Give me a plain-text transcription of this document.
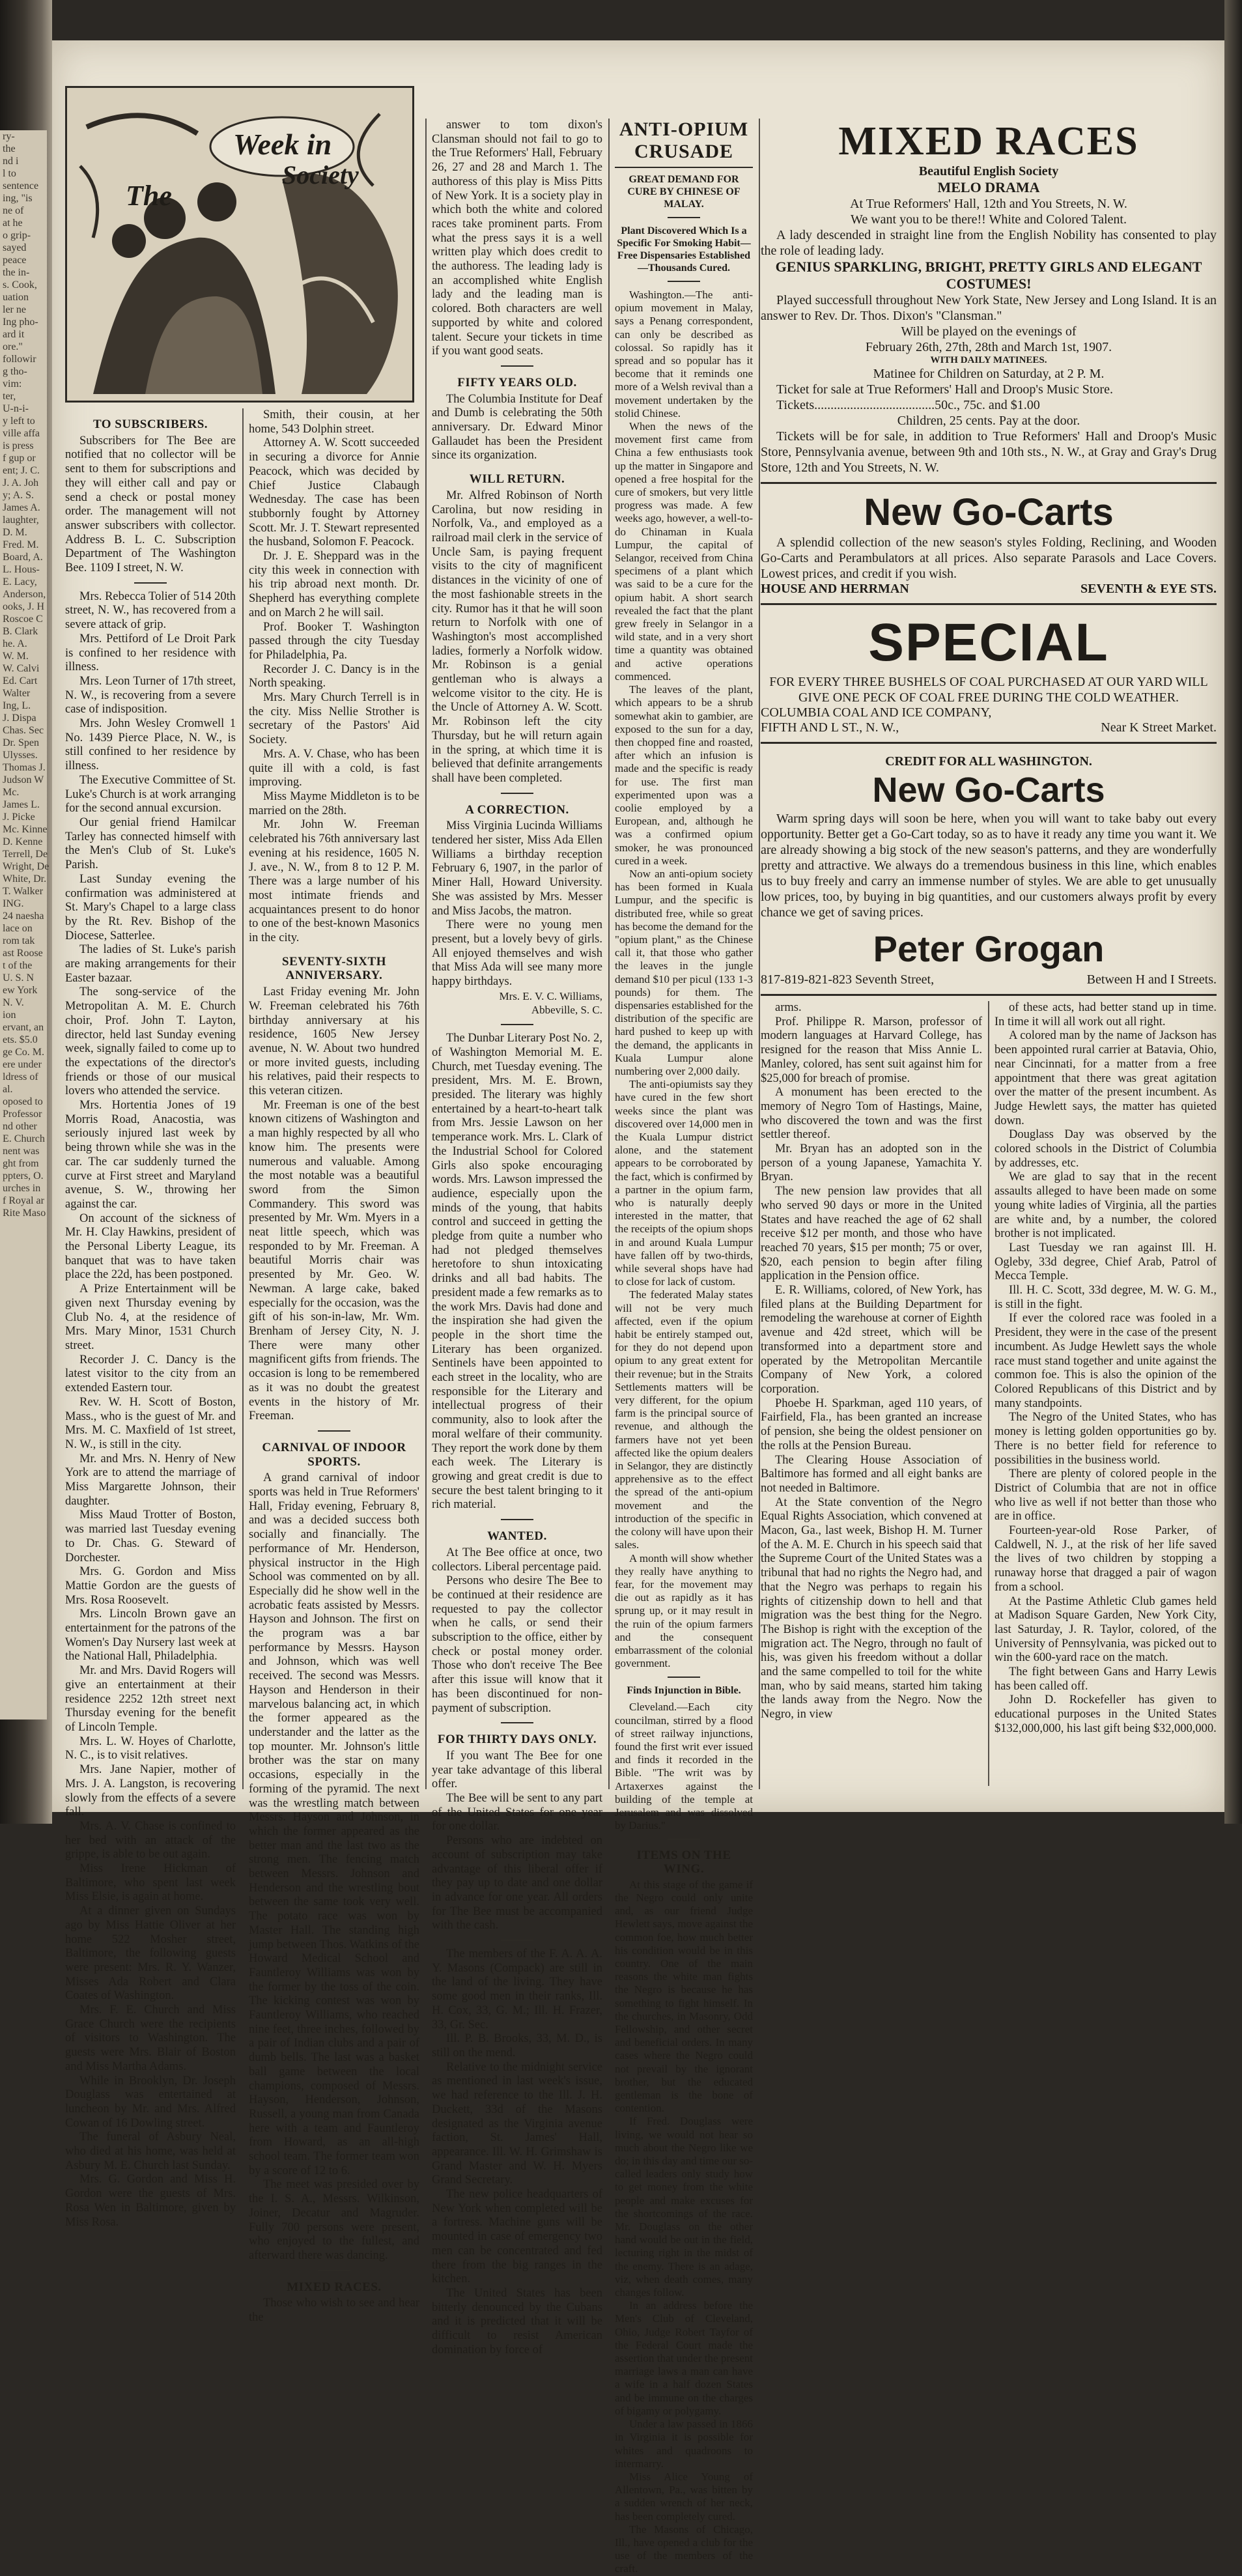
ry-
the
nd i
l to
sentence
ing, "is
ne of
at he
o grip-
sayed
peace
the in-
s. Cook,
uation
ler ne
Ing pho-
ard it
ore."
followir
g tho-
vim:
ter,
U-n-i-
y left to
ville affa
is press
f gup or
ent; J. C.
J. A. Joh
y; A. S.
James A.
laughter,
D. M.
Fred. M.
Board, A.
L. Hous-
E. Lacy,
Anderson,
ooks, J. H
Roscoe C
B. Clark
he. A.
W. M.
W. Calvi
Ed. Cart
Walter
Ing, L.
J. Dispa
Chas. Sec
Dr. Spen
Ulysses.
Thomas J.
Judson W
Mc.
James L.
J. Picke
Mc. Kinne
D. Kenne
Terrell, De
Wright, De
White, Dr.
T. Walker
ING.
24 naesha
lace on
rom tak
ast Roose
t of the
U. S. N
ew York
N. V.
ion
ervant, an
ets. $5.0
ge Co. M.
ere under
ldress of
al.
oposed to
Professor
nd other
E. Church
nent was
ght from
ppters, O.
urches in
f Royal ar
Rite Maso
The
Week in
Society
TO SUBSCRIBERS.

Subscribers for The Bee are notified that no collector will be sent to them for subscriptions and they will either call and pay or send a check or postal money order. The management will not answer subscribers with collector. Address B. L. C. Subscription Department of The Washington Bee. 1109 I street, N. W.

Mrs. Rebecca Tolier of 514 20th street, N. W., has recovered from a severe attack of grip.

Mrs. Pettiford of Le Droit Park is confined to her residence with illness.

Mrs. Leon Turner of 17th street, N. W., is recovering from a severe case of indisposition.

Mrs. John Wesley Cromwell 1 No. 1439 Pierce Place, N. W., is still confined to her residence by illness.

The Executive Committee of St. Luke's Church is at work arranging for the second annual excursion.

Our genial friend Hamilcar Tarley has connected himself with the Men's Club of St. Luke's Parish.

Last Sunday evening the confirmation was administered at St. Mary's Chapel to a large class by the Rt. Rev. Bishop of the Diocese, Satterlee.

The ladies of St. Luke's parish are making arrangements for their Easter bazaar.

The song-service of the Metropolitan A. M. E. Church choir, Prof. John T. Layton, director, held last Sunday evening week, signally failed to come up to the expectations of the director's friends or those of our musical lovers who attended the service.

Mrs. Hortentia Jones of 19 Morris Road, Anacostia, was seriously injured last week by being thrown while she was in the car. The car suddenly turned the curve at First street and Maryland avenue, S. W., throwing her against the car.

On account of the sickness of Mr. H. Clay Hawkins, president of the Personal Liberty League, its banquet that was to have taken place the 22d, has been postponed.

A Prize Entertainment will be given next Thursday evening by Club No. 4, at the residence of Mrs. Mary Minor, 1531 Church street.

Recorder J. C. Dancy is the latest visitor to the city from an extended Eastern tour.

Rev. W. H. Scott of Boston, Mass., who is the guest of Mr. and Mrs. M. C. Maxfield of 1st street, N. W., is still in the city.

Mr. and Mrs. N. Henry of New York are to attend the marriage of Miss Margarette Johnson, their daughter.

Miss Maud Trotter of Boston, was married last Tuesday evening to Dr. Chas. G. Steward of Dorchester.

Mrs. G. Gordon and Miss Mattie Gordon are the guests of Mrs. Rosa Roosevelt.

Mrs. Lincoln Brown gave an entertainment for the patrons of the Women's Day Nursery last week at the National Hall, Philadelphia.

Mr. and Mrs. David Rogers will give an entertainment at their residence 2252 12th street next Thursday evening for the benefit of Lincoln Temple.

Mrs. L. W. Hoyes of Charlotte, N. C., is to visit relatives.

Mrs. Jane Napier, mother of Mrs. J. A. Langston, is recovering slowly from the effects of a severe fall.

Mrs. A. V. Chase is confined to her bed with an attack of the grippe, is able to be out again.

Miss Irene Hickman of Baltimore, who spent last week Miss Elsie, is again at home.

At a dinner given on Sundays ago by Miss Hattie Oliver at her home 522 Mosher street, Baltimore, the following guests were present: Mrs. R. Y. Wanzer, Misses Ada Robert and Clara Coates of Washington.

Mrs. F. E. Church and Miss Grace Church were the recipients of visitors to Washington. The guests were Mrs. Blair of Boston and Miss Martha Adams.

While in Brooklyn, Dr. Joseph Douglass was entertained at luncheon by Mr. and Mrs. Alfred Cowan of 16 Dowling street.

The funeral of Asbury Neal, who died at his home, was held at Asbury M. E. Church last Sunday.

Mrs. G. Gordon and Miss H. Gordon were the guests of Mrs. Rosa Wen in Baltimore, given by Miss Rosa.

Smith, their cousin, at her home, 543 Dolphin street.

Attorney A. W. Scott succeeded in securing a divorce for Annie Peacock, which was decided by Chief Justice Clabaugh Wednesday. The case has been stubbornly fought by Attorney Scott. Mr. J. T. Stewart represented the husband, Solomon F. Peacock.

Dr. J. E. Sheppard was in the city this week in connection with his trip abroad next month. Dr. Shepherd has everything complete and on March 2 he will sail.

Prof. Booker T. Washington passed through the city Tuesday for Philadelphia, Pa.

Recorder J. C. Dancy is in the North speaking.

Mrs. Mary Church Terrell is in the city. Miss Nellie Strother is secretary of the Pastors' Aid Society.

Mrs. A. V. Chase, who has been quite ill with a cold, is fast improving.

Miss Mayme Middleton is to be married on the 28th.

Mr. John W. Freeman celebrated his 76th anniversary last evening at his residence, 1605 N. J. ave., N. W., from 8 to 12 P. M. There was a large number of his most intimate friends and acquaintances present to do honor to one of the best-known Masonics in the city.

SEVENTY-SIXTH ANNIVERSARY.

Last Friday evening Mr. John W. Freeman celebrated his 76th birthday anniversary at his residence, 1605 New Jersey avenue, N. W. About two hundred or more invited guests, including his relatives, paid their respects to this veteran citizen.

Mr. Freeman is one of the best known citizens of Washington and a man highly respected by all who know him. The presents were numerous and valuable. Among the most notable was a beautiful sword from the Simon Commandery. This sword was presented by Mr. Wm. Myers in a neat little speech, which was responded to by Mr. Freeman. A beautiful Morris chair was presented by Mr. Geo. W. Newman. A large cake, baked especially for the occasion, was the gift of his son-in-law, Mr. Wm. Brenham of Jersey City, N. J. There were many other magnificent gifts from friends. The occasion is long to be remembered as it was no doubt the greatest events in the history of Mr. Freeman.

CARNIVAL OF INDOOR SPORTS.

A grand carnival of indoor sports was held in True Reformers' Hall, Friday evening, February 8, and was a decided success both socially and financially. The performance of Mr. Henderson, physical instructor in the High School was commented on by all. Especially did he show well in the acrobatic feats assisted by Messrs. Hayson and Johnson. The first on the program was a bar performance by Messrs. Hayson and Johnson, which was well received. The second was Messrs. Hayson and Henderson in their marvelous balancing act, in which the former appeared as the understander and the latter as the top mounter. Mr. Johnson's little brother was the star on many occasions, especially in the forming of the pyramid. The next was the wrestling match between Messrs. Hayson and Johnson, in which the former appeared as the better man and the last two as the strong men. The fencing match between Messrs. Johnson and Henderson and the wrestling bout between the same took very well. The potato race was won by Master Hall. The standing high jump between Thos. Watkins of the Howard Medical School and Fauntleroy Williams was won by the former by the toss of the coin. The kicking contest was won by Fauntleroy Williams, who reached nine feet, three inches, followed by a pair of Indian clubs and a pair of dumb bells. The last was a basket ball game between the local champions, composed of Messrs. Hayson, Henderson, Johnson, Russell, a young man from Canada here with a team and Fauntleroy from Howard, as an all-high school team. The former team won by a score of 12 to 6.

The meet was presided over by the I. S. A., Messrs. Wilkinson, Joiner, Decatur and Magruder. Fully 700 persons were present, who enjoyed to the fullest, and afterward there was dancing.

MIXED RACES.

Those who wish to see and hear the

answer to tom dixon's Clansman should not fail to go to the True Reformers' Hall, February 26, 27 and 28 and March 1. The authoress of this play is Miss Pitts of New York. It is a society play in which both the white and colored races take prominent parts. From what the press says it is a well written play which does credit to the authoress. The leading lady is an accomplished white English lady and the leading man is colored. Both characters are well supported by white and colored talent. Secure your tickets in time if you want good seats.

FIFTY YEARS OLD.

The Columbia Institute for Deaf and Dumb is celebrating the 50th anniversary. Dr. Edward Minor Gallaudet has been the President since its organization.

WILL RETURN.

Mr. Alfred Robinson of North Carolina, but now residing in Norfolk, Va., and employed as a railroad mail clerk in the service of Uncle Sam, is paying frequent visits to the city of magnificent distances in the vicinity of one of the most fashionable streets in the city. Rumor has it that he will soon return to Norfolk with one of Washington's most accomplished ladies, formerly a Norfolk widow. Mr. Robinson is a genial gentleman who is always a welcome visitor to the city. He is the Uncle of Attorney A. W. Scott. Mr. Robinson left the city Thursday, but he will return again in the spring, at which time it is believed that definite arrangements shall have been completed.

A CORRECTION.

Miss Virginia Lucinda Williams tendered her sister, Miss Ada Ellen Williams a birthday reception February 6, 1907, in the parlor of Miner Hall, Howard University. She was assisted by Mrs. Messer and Miss Jacobs, the matron.

There were no young men present, but a lovely bevy of girls. All enjoyed themselves and wish that Miss Ada will see many more happy birthdays.

Mrs. E. V. C. Williams,
Abbeville, S. C.

The Dunbar Literary Post No. 2, of Washington Memorial M. E. Church, met Tuesday evening. The president, Mrs. M. E. Brown, presided. The literary was highly entertained by a heart-to-heart talk from Mrs. Jessie Lawson on her temperance work. Mrs. L. Clark of the Industrial School for Colored Girls also spoke encouraging words. Mrs. Lawson impressed the audience, especially upon the minds of the young, that habits control and succeed in getting the pledge from quite a number who had not pledged themselves heretofore to shun intoxicating drinks and all bad habits. The president made a few remarks as to the work Mrs. Davis had done and the inspiration she had given the people in the short time the Literary has been organized. Sentinels have been appointed to each street in the locality, who are responsible for the Literary and intellectual progress of their community, also to look after the moral welfare of their community. They report the work done by them each week. The Literary is growing and great credit is due to secure the best talent bringing to it rich material.

WANTED.

At The Bee office at once, two collectors. Liberal percentage paid.

Persons who desire The Bee to be continued at their residence are requested to pay the collector when he calls, or send their subscription to the office, either by check or postal money order. Those who don't receive The Bee after this issue will know that it has been discontinued for non-payment of subscription.

FOR THIRTY DAYS ONLY.

If you want The Bee for one year take advantage of this liberal offer.

The Bee will be sent to any part of the United States for one year for one dollar.

Persons who are indebted on account of subscription may take advantage of this liberal offer if they pay up to date and one dollar in advance for one year. All orders for The Bee must be accompanied with the cash.

The members of the F. A. A. A. Y. Masons (Compack) are still in the land of the living. They have some good men in their ranks, Ill. H. Cox, 33, G. M.; Ill. H. Frazer, 33, Gr. Sec.

Ill. P. B. Brooks, 33, M. D., is still on the mend.

Relative to the midnight service as mentioned in last week's issue, we had reference to the Ill. J. H. Duckett, 33d of the Masons designated as the Virginia avenue faction, St. James' Hall, appearance. Ill. W. H. Grimshaw is Grand Master and W. H. Myers Grand Secretary.

The new police headquarters of New York when completed will be a fortress. Machine guns will be mounted in case of emergency two men can be concentrated and fed there from the big ranges in the kitchen.

The United States has been bitterly denounced by the Cubans and it is predicted that it will be difficult to resist American domination by force of

ANTI-OPIUM CRUSADE
GREAT DEMAND FOR CURE BY CHINESE OF MALAY.
Plant Discovered Which Is a Specific For Smoking Habit—Free Dispensaries Established—Thousands Cured.

Washington.—The anti-opium movement in Malay, says a Penang correspondent, can only be described as colossal. So rapidly has it spread and so popular has it become that it reminds one more of a Welsh revival than a movement undertaken by the stolid Chinese.

When the news of the movement first came from China a few enthusiasts took up the matter in Singapore and opened a free hospital for the cure of smokers, but very little progress was made. A few weeks ago, however, a well-to-do Chinaman in Kuala Lumpur, the capital of Selangor, received from China specimens of a plant which was said to be a cure for the opium habit. A short search revealed the fact that the plant grew freely in Selangor in a wild state, and in a very short time a quantity was obtained and active operations commenced.

The leaves of the plant, which appears to be a shrub somewhat akin to gambier, are exposed to the sun for a day, then chopped fine and roasted, after which an infusion is made and the specific is ready for use. The first man experimented upon was a coolie employed by a European, and, although he was a confirmed opium smoker, he was pronounced cured in a week.

Now an anti-opium society has been formed in Kuala Lumpur, and the specific is distributed free, while so great has become the demand for the "opium plant," as the Chinese call it, that those who gather the leaves in the jungle demand $10 per picul (133 1-3 pounds) for them. The dispensaries established for the distribution of the specific are hard pushed to keep up with the demand, the applicants in Kuala Lumpur alone numbering over 2,000 daily.

The anti-opiumists say they have cured in the few short weeks since the plant was discovered over 14,000 men in the Kuala Lumpur district alone, and the statement appears to be corroborated by the fact, which is confirmed by a partner in the opium farm, who is naturally deeply interested in the matter, that the receipts of the opium shops in and around Kuala Lumpur have fallen off by two-thirds, while several shops have had to close for lack of custom.

The federated Malay states will not be very much affected, even if the opium habit be entirely stamped out, for they do not depend upon opium to any great extent for their revenue; but in the Straits Settlements matters will be very different, for the opium farm is the principal source of revenue, and although the farmers have not yet been affected like the opium dealers in Selangor, they are distinctly apprehensive as to the effect the spread of the anti-opium movement and the introduction of the specific in the colony will have upon their sales.

A month will show whether they really have anything to fear, for the movement may die out as rapidly as it has sprung up, or it may result in the ruin of the opium farmers and the consequent embarrassment of the colonial government.

Finds Injunction in Bible.

Cleveland.—Each city councilman, stirred by a flood of street railway injunctions, found the first writ ever issued and finds it recorded in the Bible. "The writ was by Artaxerxes against the building of the temple at Jerusalem and was dissolved by Darius."

ITEMS ON THE WING.

At this stage of the game if the Negro could only unite and, as our friend Judge Hewlett says, move against the common foe, how much better his condition would be in this country. One of the main reasons the white man fights the Negro is because he has something to fight himself. In the churches, in Masonry, Odd Fellowship, and other secret and beneficial orders. In many cases where the Negro could not prevail by the ignorant brother, but the educated gentleman is the bone of contention.

If Fred. Douglass were living, we would not hear so much about the Negro like we do; in this day and time our so-called leaders only study how to get money from the white people and make excuses for the shortcomings of the race. Mr. Douglass on the other hand would be out in the field, lecturing right in the midst of the enemy. There is an adage, viz, when death comes, many changes follow.

In an address before the Men's Club of Cleveland, Ohio, Judge Robert Tayfor of the Federal Court made the assertion that under the present marriage laws a man can have a wife in a half dozen States and be immune on the charges of bigamy or polygamy.

Under a law passed in 1866 in Virginia it is possible for whites and quadroons to intermarry.

Miss Alice Young of Allentown, Pa., was bitten by a sudden wrench of her neck, has been completely cured.

The Masons of Chicago, Ill., have opened a club for the use of the members of the craft.

MIXED RACES
Beautiful English Society
MELO DRAMA
At True Reformers' Hall, 12th and You Streets, N. W.
We want you to be there!! White and Colored Talent.
A lady descended in straight line from the English Nobility has consented to play the role of leading lady.
GENIUS SPARKLING, BRIGHT, PRETTY GIRLS AND ELEGANT COSTUMES!
Played successfull throughout New York State, New Jersey and Long Island. It is an answer to Rev. Dr. Thos. Dixon's "Clansman."
Will be played on the evenings of
February 26th, 27th, 28th and March 1st, 1907.
WITH DAILY MATINEES.
Matinee for Children on Saturday, at 2 P. M.
Ticket for sale at True Reformers' Hall and Droop's Music Store.
Tickets.....................................50c., 75c. and $1.00
Children, 25 cents. Pay at the door.
Tickets will be for sale, in addition to True Reformers' Hall and Droop's Music Store, Pennsylvania avenue, between 9th and 10th sts., N. W., at Gray and Gray's Drug Store, 12th and You Streets, N. W.
New Go-Carts
A splendid collection of the new season's styles Folding, Reclining, and Wooden Go-Carts and Perambulators at all prices. Also separate Parasols and Lace Covers. Lowest prices, and credit if you wish.
HOUSE AND HERRMAN	SEVENTH & EYE STS.
SPECIAL
FOR EVERY THREE BUSHELS OF COAL PURCHASED AT OUR YARD WILL GIVE ONE PECK OF COAL FREE DURING THE COLD WEATHER.
COLUMBIA COAL AND ICE COMPANY,
FIFTH AND L ST., N. W.,	Near K Street Market.
CREDIT FOR ALL WASHINGTON.
New Go-Carts
Warm spring days will soon be here, when you will want to take baby out every opportunity. Better get a Go-Cart today, so as to have it ready any time you want it. We are already showing a big stock of the new season's patterns, and they are wonderfully pretty and attractive. We always do a tremendous business in this line, which enables us to buy freely and carry an immense number of styles. We are able to get unusually low prices, too, by buying in big quantities, and our customers always profit by every chance we get of saving prices.
Peter Grogan
817-819-821-823 Seventh Street,	Between H and I Streets.

arms.

Prof. Philippe R. Marson, professor of modern languages at Harvard College, has resigned for the reason that Miss Annie L. Manley, colored, has sent suit against him for $25,000 for breach of promise.

A monument has been erected to the memory of Negro Tom of Hastings, Maine, who discovered the town and was the first settler thereof.

Mr. Bryan has an adopted son in the person of a young Japanese, Yamachita Y. Bryan.

The new pension law provides that all who served 90 days or more in the United States and have reached the age of 62 shall receive $12 per month, and those who have reached 70 years, $15 per month; 75 or over, $20, each pension to begin after filing application in the Pension office.

E. R. Williams, colored, of New York, has filed plans at the Building Department for remodeling the warehouse at corner of Eighth avenue and 42d street, which will be transformed into a department store and operated by the Metropolitan Mercantile Company of New York, a colored corporation.

Phoebe H. Sparkman, aged 110 years, of Fairfield, Fla., has been granted an increase of pension, she being the oldest pensioner on the rolls at the Pension Bureau.

The Clearing House Association of Baltimore has formed and all eight banks are not needed in Baltimore.

At the State convention of the Negro Equal Rights Association, which convened at Macon, Ga., last week, Bishop H. M. Turner of the A. M. E. Church in his speech said that the Supreme Court of the United States was a tribunal that had no rights the Negro had, and that the Negro was perhaps to regain his rights of citizenship down to hell and that migration was the best thing for the Negro. The Bishop is right with the exception of the migration act. The Negro, through no fault of his, was given his freedom without a dollar and the same compelled to toil for the white man, who by said means, started him taking the lands away from the Negro. Now the Negro, in view

of these acts, had better stand up in time. In time it will all work out all right.

A colored man by the name of Jackson has been appointed rural carrier at Batavia, Ohio, near Cincinnati, for a matter from a free appointment that there was great agitation over the matter of the present incumbent. As Judge Hewlett says, the matter has quieted down.

Douglass Day was observed by the colored schools in the District of Columbia by addresses, etc.

We are glad to say that in the recent assaults alleged to have been made on some young white ladies of Virginia, all the parties are white and, by a number, the colored brother is not implicated.

Last Tuesday we ran against Ill. H. Ogleby, 33d degree, Chief Arab, Patrol of Mecca Temple.

Ill. H. C. Scott, 33d degree, M. W. G. M., is still in the fight.

If ever the colored race was fooled in a President, they were in the case of the present incumbent. As Judge Hewlett says the whole race must stand together and unite against the common foe. This is also the opinion of the Colored Republicans of this District and by many standpoints.

The Negro of the United States, who has money is letting golden opportunities go by. There is no better field for reference to possibilities in the business world.

There are plenty of colored people in the District of Columbia that are not in office who live as well if not better than those who are in office.

Fourteen-year-old Rose Parker, of Caldwell, N. J., at the risk of her life saved the lives of two children by stopping a runaway horse that dragged a pair of wagon from a school.

At the Pastime Athletic Club games held at Madison Square Garden, New York City, last Saturday, J. R. Taylor, colored, of the University of Pennsylvania, was picked out to win the 600-yard race on the match.

The fight between Gans and Harry Lewis has been called off.

John D. Rockefeller has given to educational purposes in the United States $132,000,000, his last gift being $32,000,000.
